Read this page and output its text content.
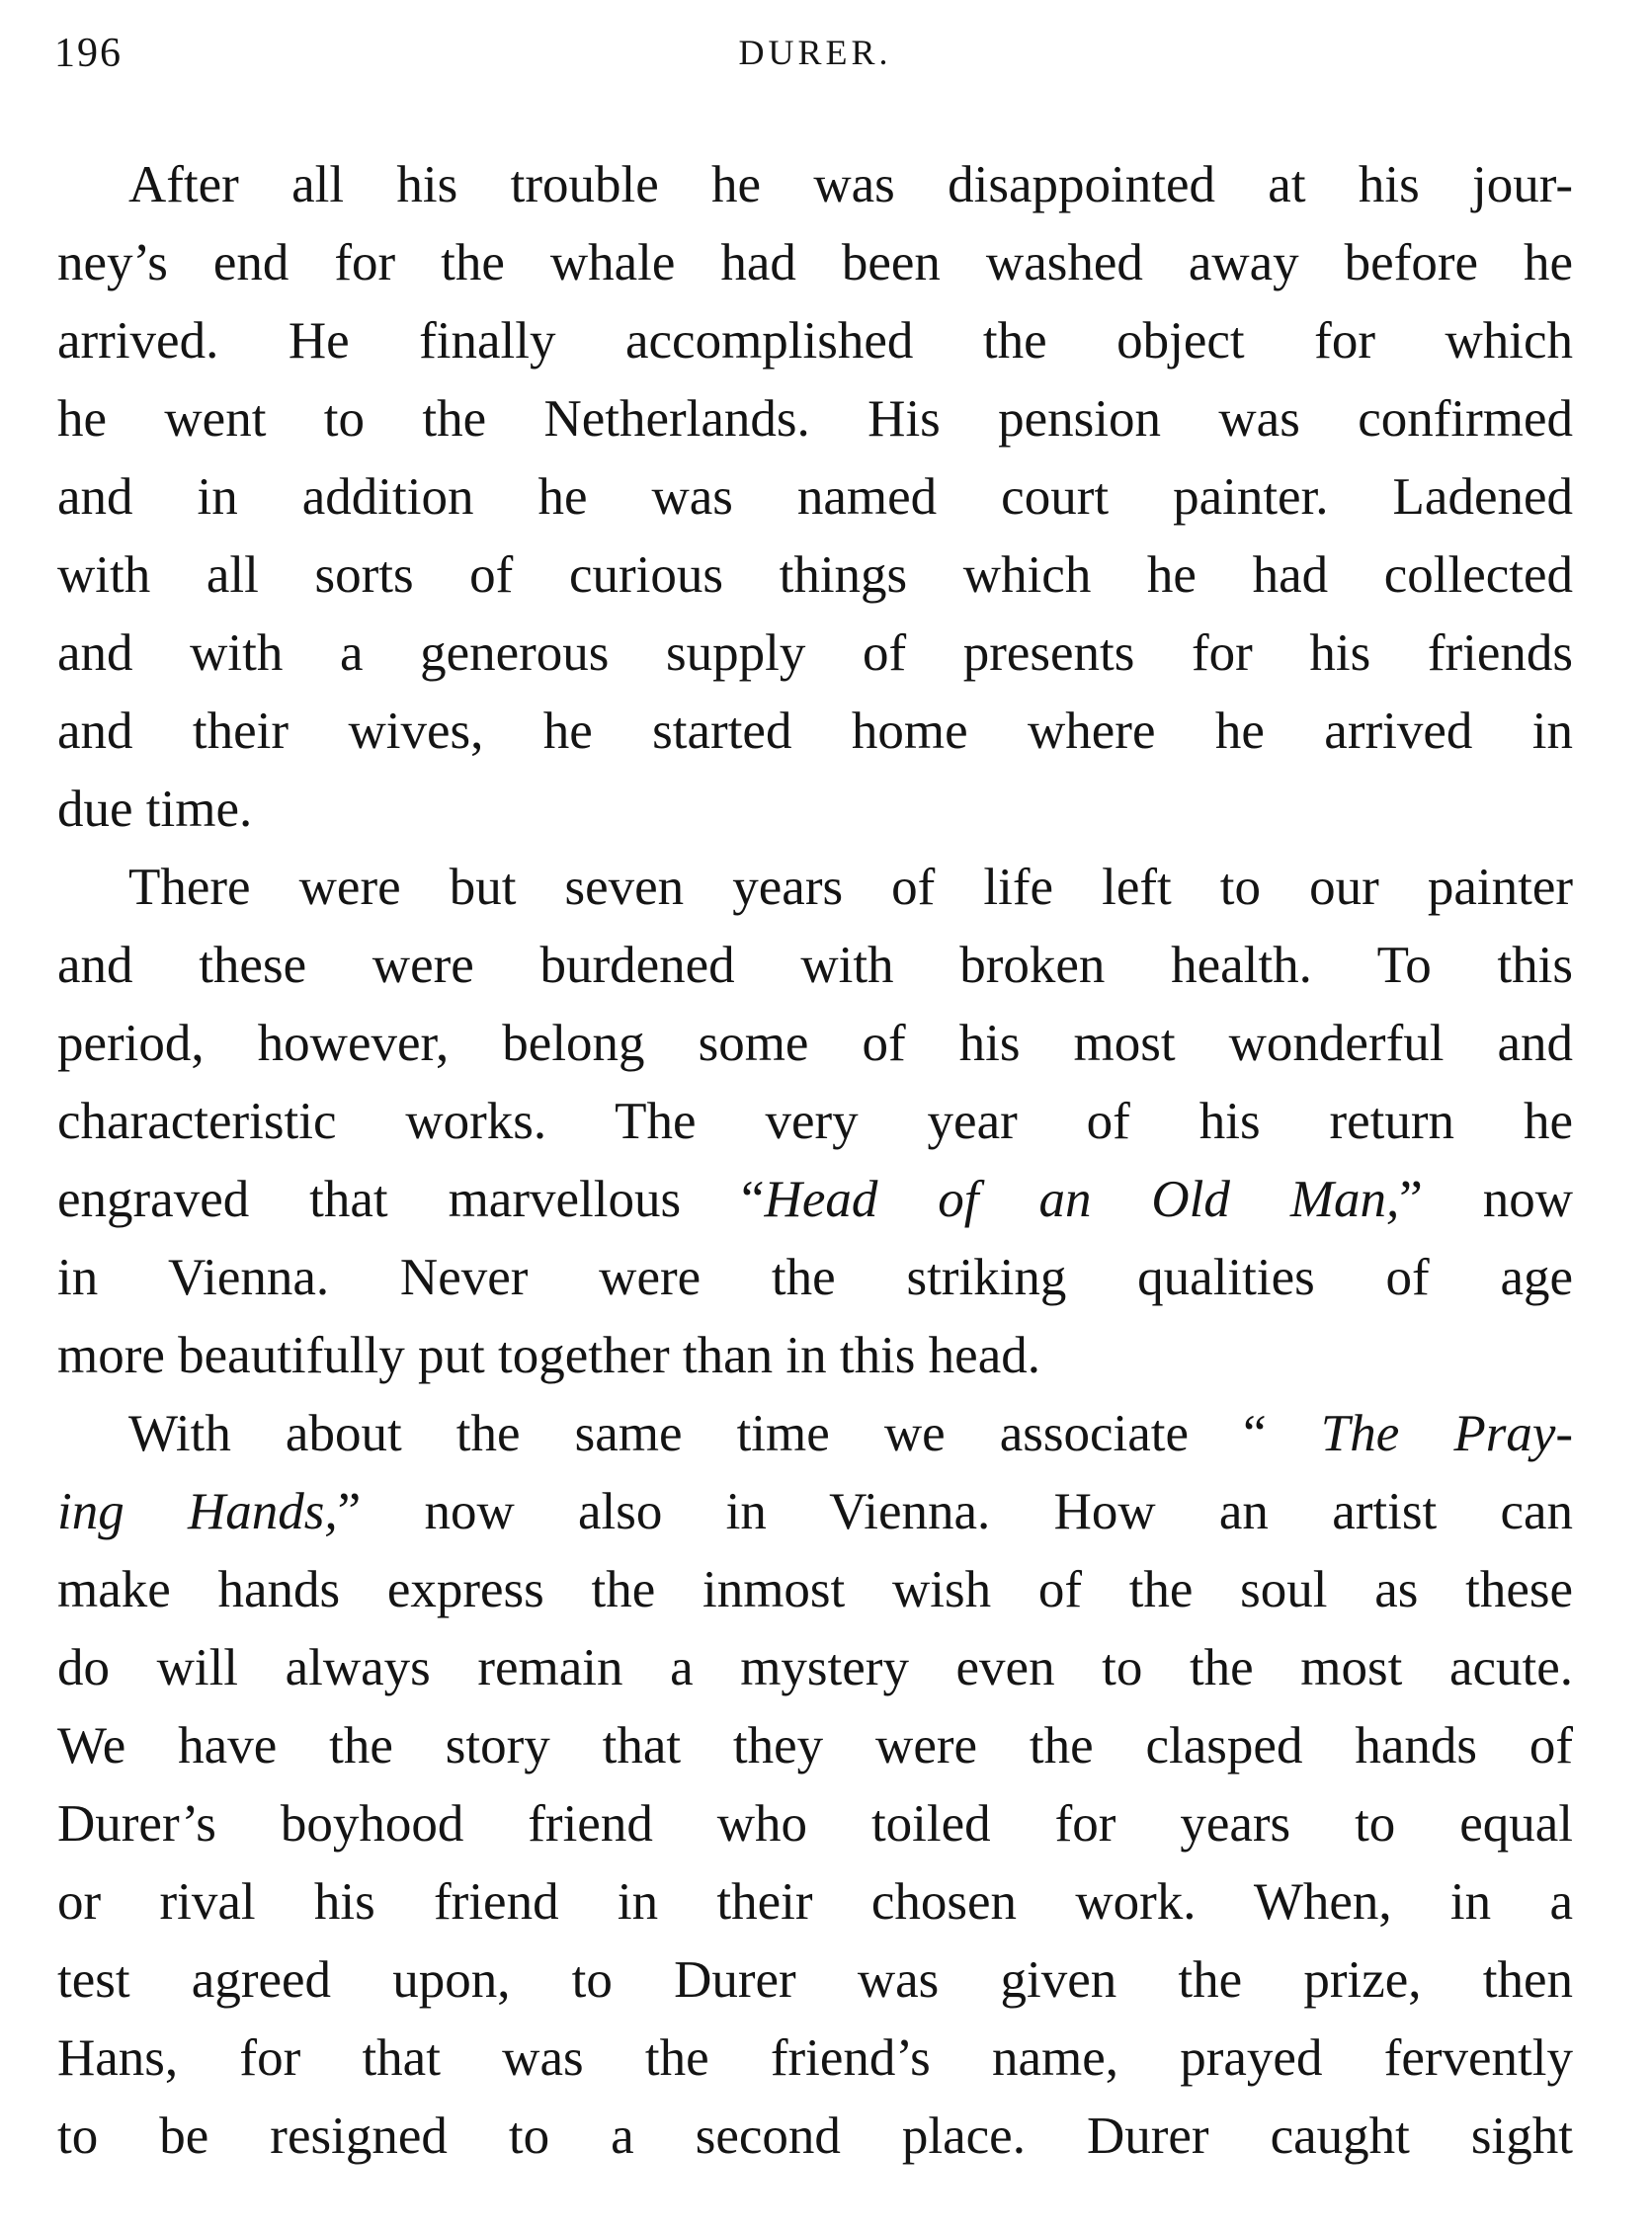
196	DURER.
After all his trouble he was disappointed at his jour-
ney’s end for the whale had been washed away before he
arrived. He finally accomplished the object for which
he went to the Netherlands. His pension was confirmed
and in addition he was named court painter. Ladened
with all sorts of curious things which he had collected
and with a generous supply of presents for his friends
and their wives, he started home where he arrived in
due time.
There were but seven years of life left to our painter
and these were burdened with broken health. To this
period, however, belong some of his most wonderful and
characteristic works. The very year of his return he
engraved that marvellous “Head of an Old Man,” now
in Vienna. Never were the striking qualities of age
more beautifully put together than in this head.
With about the same time we associate “ The Pray-
ing Hands,” now also in Vienna. How an artist can
make hands express the inmost wish of the soul as these
do will always remain a mystery even to the most acute.
We have the story that they were the clasped hands of
Durer’s boyhood friend who toiled for years to equal
or rival his friend in their chosen work. When, in a
test agreed upon, to Durer was given the prize, then
Hans, for that was the friend’s name, prayed fervently
to be resigned to a second place. Durer caught sight
